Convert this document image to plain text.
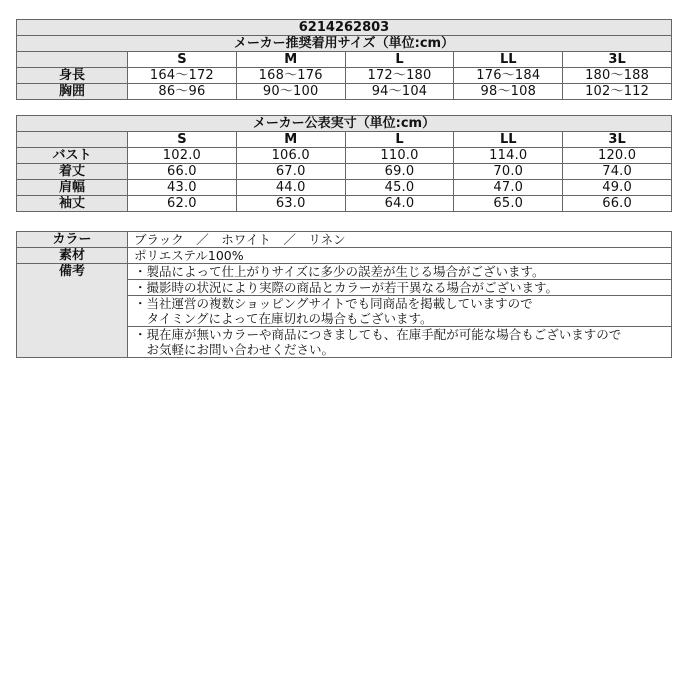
6214262803					
メーカー推奨着用サイズ（単位:cm）					
	S	M	L	LL	3L
身長	164～172	168～176	172～180	176～184	180～188
胸囲	86～96	90～100	94～104	98～108	102～112
メーカー公表実寸（単位:cm）					
	S	M	L	LL	3L
バスト	102.0	106.0	110.0	114.0	120.0
着丈	66.0	67.0	69.0	70.0	74.0
肩幅	43.0	44.0	45.0	47.0	49.0
袖丈	62.0	63.0	64.0	65.0	66.0
カラー	ブラック　／　ホワイト　／　リネン
素材	ポリエステル100%
備考	・製品によって仕上がりサイズに多少の誤差が生じる場合がございます。
	・撮影時の状況により実際の商品とカラーが若干異なる場合がございます。

	・当社運営の複数ショッピングサイトでも同商品を掲載していますので
　タイミングによって在庫切れの場合もございます。

	・現在庫が無いカラーや商品につきましても、在庫手配が可能な場合もございますので
　お気軽にお問い合わせください。
